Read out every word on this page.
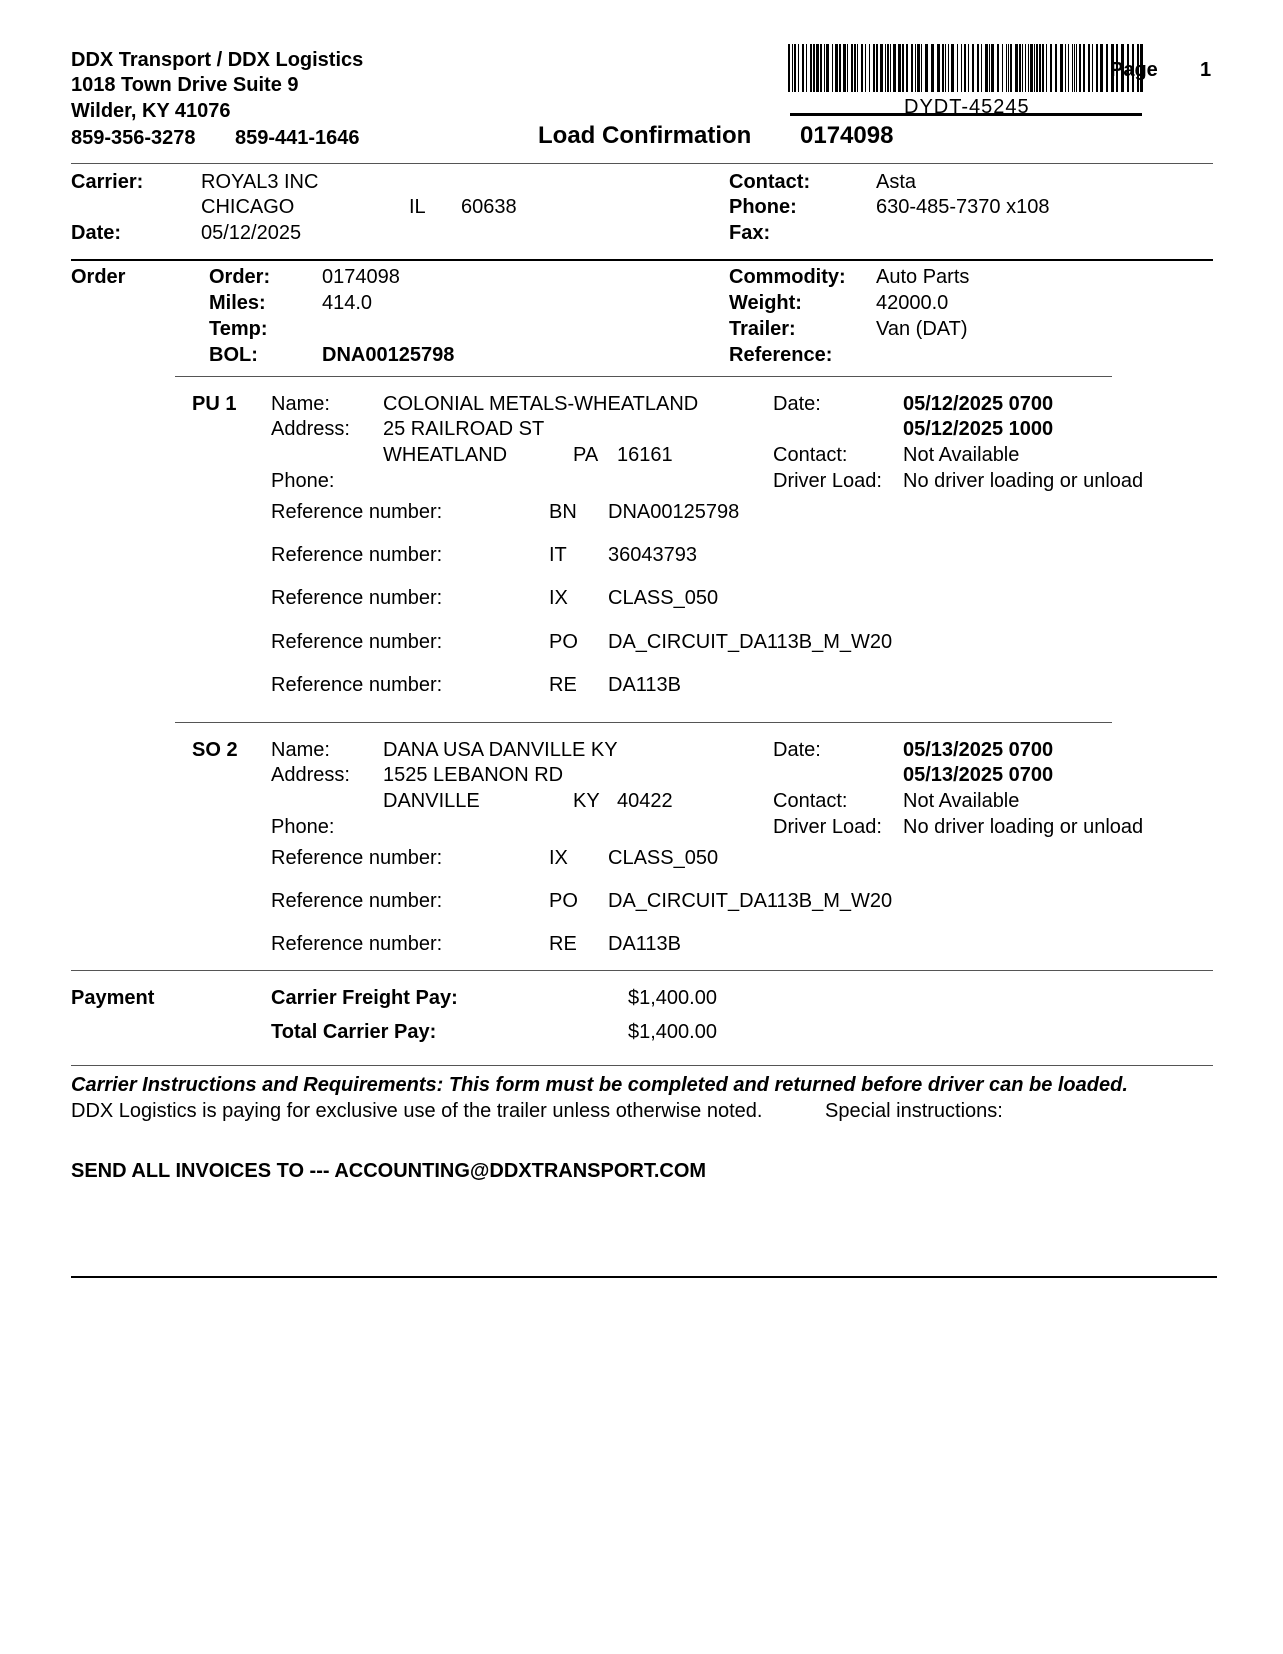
DDX Transport / DDX Logistics
1018 Town Drive Suite 9
Wilder, KY 41076
859-356-3278 859-441-1646	Load Confirmation 0174098
DYDT-45245
Page 1
Carrier:	ROYAL3 INC
CHICAGO	IL 60638
Date:	05/12/2025
Contact:	Asta
Phone:	630-485-7370 x108
Fax:
Order	Order:	0174098
Miles:	414.0
Temp:
BOL:	DNA00125798
Commodity: Auto Parts
Weight:	42000.0
Trailer:	Van (DAT)
Reference:
PU 1 Name:	COLONIAL METALS-WHEATLAND
Address: 25 RAILROAD ST
WHEATLAND	PA 16161
Phone:
Date:	05/12/2025 0700
05/12/2025 1000
Contact:	Not Available
Driver Load: No driver loading or unload
Reference number:	BN DNA00125798
Reference number:	IT 36043793
Reference number:	IX CLASS_050
Reference number:	PO DA_CIRCUIT_DA113B_M_W20
Reference number:	RE DA113B
SO 2 Name:	DANA USA DANVILLE KY
Address: 1525 LEBANON RD
DANVILLE	KY 40422
Phone:
Date:	05/13/2025 0700
05/13/2025 0700
Contact:	Not Available
Driver Load: No driver loading or unload
Reference number:	IX CLASS_050
Reference number:	PO DA_CIRCUIT_DA113B_M_W20
Reference number:	RE DA113B
Payment	Carrier Freight Pay:	$1,400.00
Total Carrier Pay:	$1,400.00
Carrier Instructions and Requirements: This form must be completed and returned before driver can be loaded.
DDX Logistics is paying for exclusive use of the trailer unless otherwise noted.	Special instructions:
SEND ALL INVOICES TO --- ACCOUNTING@DDXTRANSPORT.COM
